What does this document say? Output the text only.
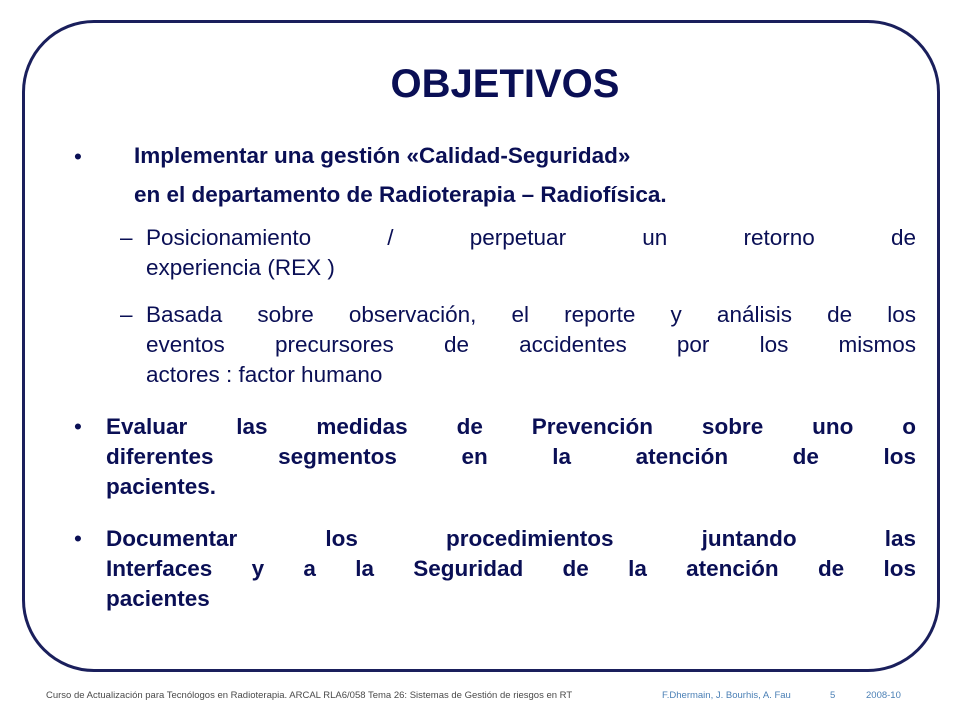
OBJETIVOS
• Implementar una gestión «Calidad-Seguridad»
en el departamento de Radioterapia – Radiofísica.
– Posicionamiento / perpetuar un retorno de
experiencia (REX )
– Basada sobre observación, el reporte y análisis de los
eventos precursores de accidentes por los mismos
actores : factor humano
• Evaluar las medidas de Prevención sobre uno o
diferentes segmentos en la atención de los
pacientes.
• Documentar los procedimientos juntando las
Interfaces y a la Seguridad de la atención de los
pacientes
Curso de Actualización para Tecnólogos en Radioterapia. ARCAL RLA6/058 Tema 26: Sistemas de Gestión de riesgos en RT	F.Dhermain, J. Bourhis, A. Fau	5	2008-10
